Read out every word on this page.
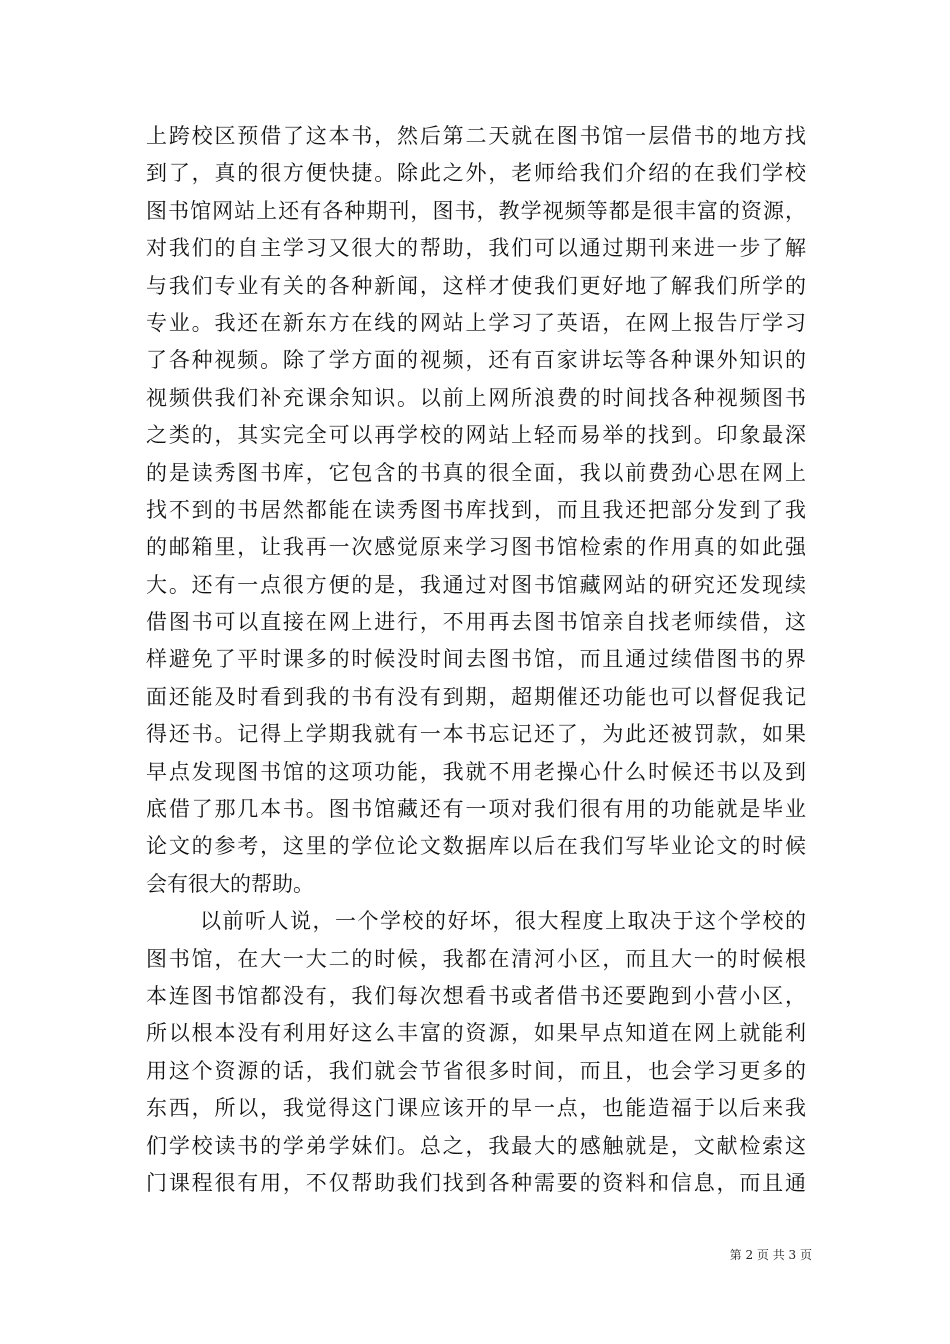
上跨校区预借了这本书，然后第二天就在图书馆一层借书的地方找
到了，真的很方便快捷。除此之外，老师给我们介绍的在我们学校
图书馆网站上还有各种期刊，图书，教学视频等都是很丰富的资源，
对我们的自主学习又很大的帮助，我们可以通过期刊来进一步了解
与我们专业有关的各种新闻，这样才使我们更好地了解我们所学的
专业。我还在新东方在线的网站上学习了英语，在网上报告厅学习
了各种视频。除了学方面的视频，还有百家讲坛等各种课外知识的
视频供我们补充课余知识。以前上网所浪费的时间找各种视频图书
之类的，其实完全可以再学校的网站上轻而易举的找到。印象最深
的是读秀图书库，它包含的书真的很全面，我以前费劲心思在网上
找不到的书居然都能在读秀图书库找到，而且我还把部分发到了我
的邮箱里，让我再一次感觉原来学习图书馆检索的作用真的如此强
大。还有一点很方便的是，我通过对图书馆藏网站的研究还发现续
借图书可以直接在网上进行，不用再去图书馆亲自找老师续借，这
样避免了平时课多的时候没时间去图书馆，而且通过续借图书的界
面还能及时看到我的书有没有到期，超期催还功能也可以督促我记
得还书。记得上学期我就有一本书忘记还了，为此还被罚款，如果
早点发现图书馆的这项功能，我就不用老操心什么时候还书以及到
底借了那几本书。图书馆藏还有一项对我们很有用的功能就是毕业
论文的参考，这里的学位论文数据库以后在我们写毕业论文的时候
会有很大的帮助。
以前听人说，一个学校的好坏，很大程度上取决于这个学校的
图书馆，在大一大二的时候，我都在清河小区，而且大一的时候根
本连图书馆都没有，我们每次想看书或者借书还要跑到小营小区，
所以根本没有利用好这么丰富的资源，如果早点知道在网上就能利
用这个资源的话，我们就会节省很多时间，而且，也会学习更多的
东西，所以，我觉得这门课应该开的早一点，也能造福于以后来我
们学校读书的学弟学妹们。总之，我最大的感触就是，文献检索这
门课程很有用，不仅帮助我们找到各种需要的资料和信息，而且通
第 2 页 共 3 页
